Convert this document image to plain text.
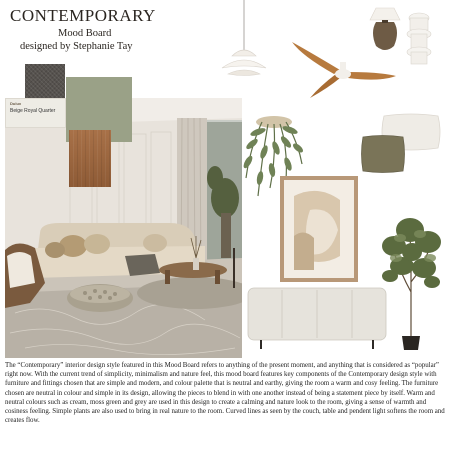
CONTEMPORARY
Mood Board
designed by Stephanie Tay
Dulux
Beige Royal Quarter
The “Contemporary” interior design style featured in this Mood Board refers to anything of the present moment, and anything that is considered as “popular” right now. With the current trend of simplicity, minimalism and nature feel, this mood board features key components of the Contemporary design style with furniture and fittings chosen that are simple and modern, and colour palette that is neutral and earthy, giving the room a warm and cosy feeling. The furniture chosen are neutral in colour and simple in its design, allowing the pieces to blend in with one another instead of being a statement piece by itself. Warm and neutral colours such as cream, moss green and grey are used in this design to create a calming and nature look to the room, giving a sense of warmth and cosiness feeling. Simple plants are also used to bring in real nature to the room. Curved lines as seen by the couch, table and pendent light softens the room and creates flow.
